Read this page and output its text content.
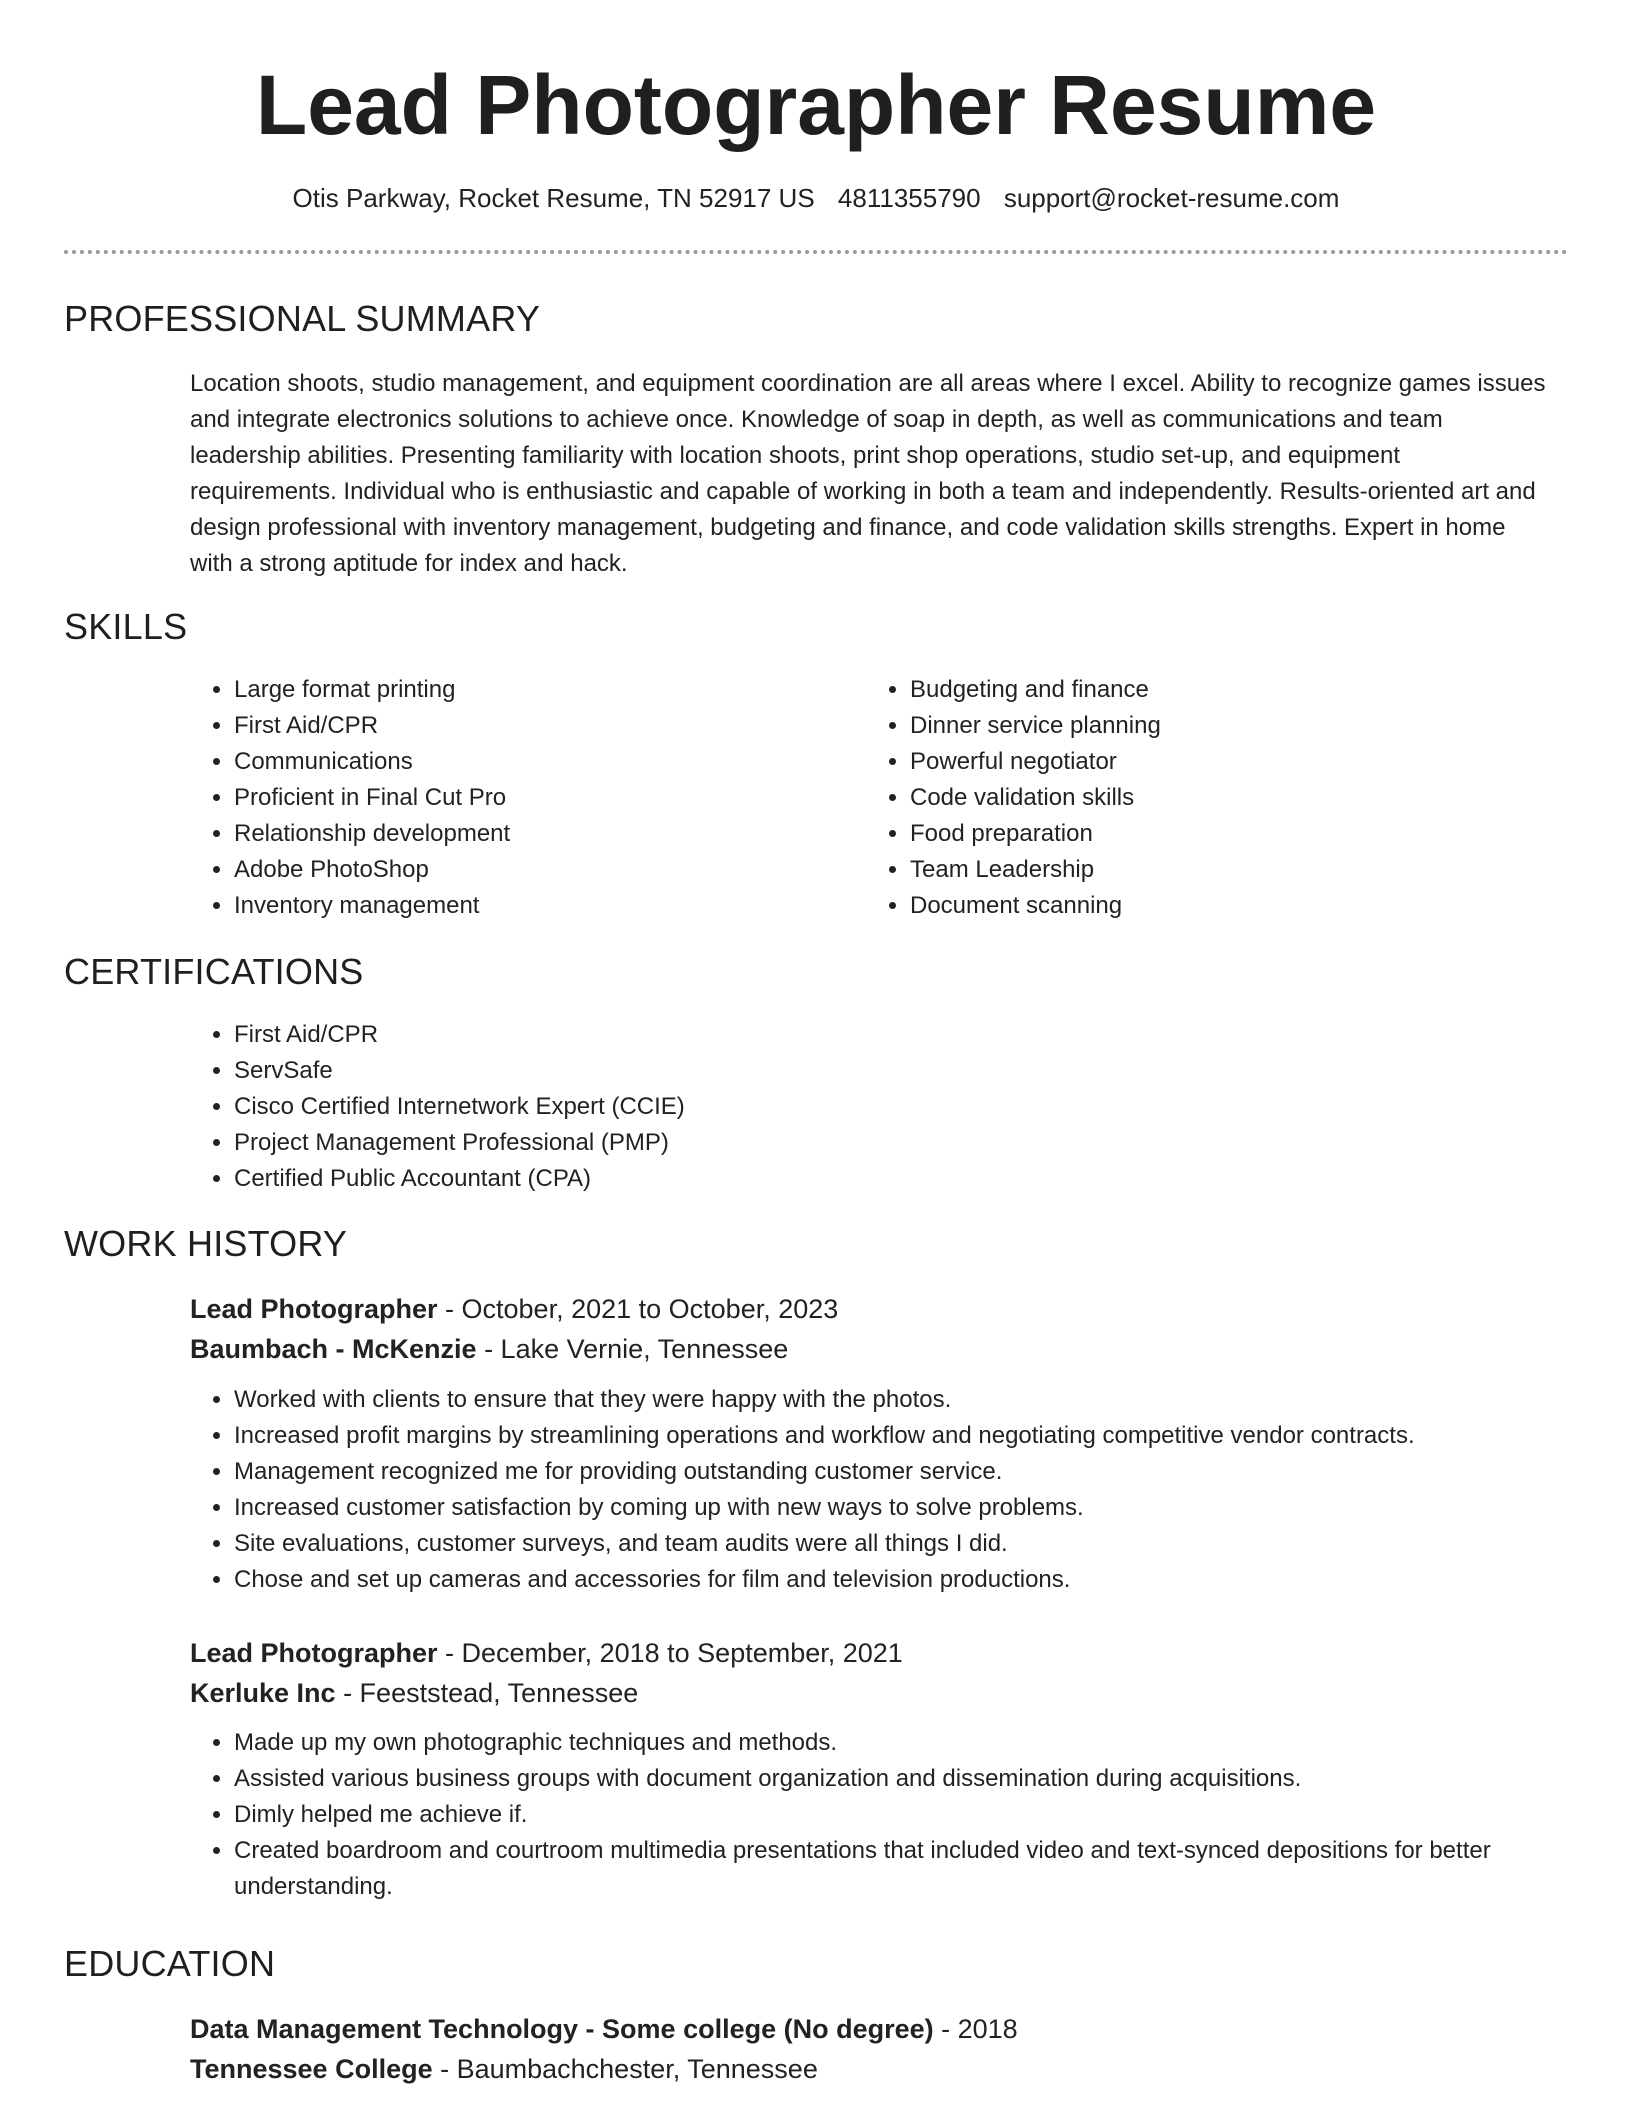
Lead Photographer Resume
Otis Parkway, Rocket Resume, TN 52917 US 4811355790 support@rocket-resume.com
PROFESSIONAL SUMMARY

Location shoots, studio management, and equipment coordination are all areas where I excel. Ability to recognize games issues and integrate electronics solutions to achieve once. Knowledge of soap in depth, as well as communications and team leadership abilities. Presenting familiarity with location shoots, print shop operations, studio set-up, and equipment requirements. Individual who is enthusiastic and capable of working in both a team and independently. Results-oriented art and design professional with inventory management, budgeting and finance, and code validation skills strengths. Expert in home with a strong aptitude for index and hack.

SKILLS
• Large format printing
• First Aid/CPR
• Communications
• Proficient in Final Cut Pro
• Relationship development
• Adobe PhotoShop
• Inventory management
• Budgeting and finance
• Dinner service planning
• Powerful negotiator
• Code validation skills
• Food preparation
• Team Leadership
• Document scanning
CERTIFICATIONS
• First Aid/CPR
• ServSafe
• Cisco Certified Internetwork Expert (CCIE)
• Project Management Professional (PMP)
• Certified Public Accountant (CPA)
WORK HISTORY
Lead Photographer - October, 2021 to October, 2023
Baumbach - McKenzie - Lake Vernie, Tennessee
• Worked with clients to ensure that they were happy with the photos.
• Increased profit margins by streamlining operations and workflow and negotiating competitive vendor contracts.
• Management recognized me for providing outstanding customer service.
• Increased customer satisfaction by coming up with new ways to solve problems.
• Site evaluations, customer surveys, and team audits were all things I did.
• Chose and set up cameras and accessories for film and television productions.
Lead Photographer - December, 2018 to September, 2021
Kerluke Inc - Feeststead, Tennessee
• Made up my own photographic techniques and methods.
• Assisted various business groups with document organization and dissemination during acquisitions.
• Dimly helped me achieve if.
• Created boardroom and courtroom multimedia presentations that included video and text-synced depositions for better understanding.
EDUCATION
Data Management Technology - Some college (No degree) - 2018
Tennessee College - Baumbachchester, Tennessee
